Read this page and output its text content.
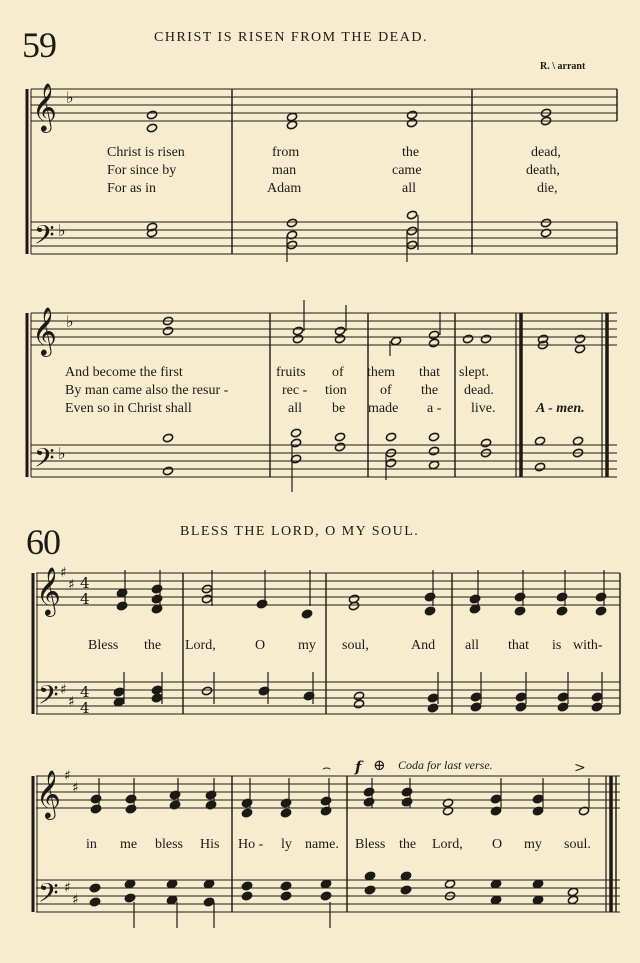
59	CHRIST IS RISEN FROM THE DEAD.
R. \ arrant
Christ is risen	from	the	dead,
For since by	man	came	death,
For as in	Adam	all	die,
And become the first	fruits of them that slept.
By man came also the resur -	rec - tion of the dead.
Even so in Christ shall	all be made a - live.	A - men.
60	BLESS THE LORD, O MY SOUL.
Bless the Lord,	O my soul,	And all that is with-
f ⊕ Coda for last verse.
in me bless His Ho - ly name. Bless the Lord, O my soul.
𝄞 ♭
𝄢 ♭
𝄞 ♭
𝄢 ♭
𝄞 ♯
♯ 4
4
𝄢 ♯
♯
4
4
𝄞 ♯
♯
𝄢 ♯
♯
⌢	>
